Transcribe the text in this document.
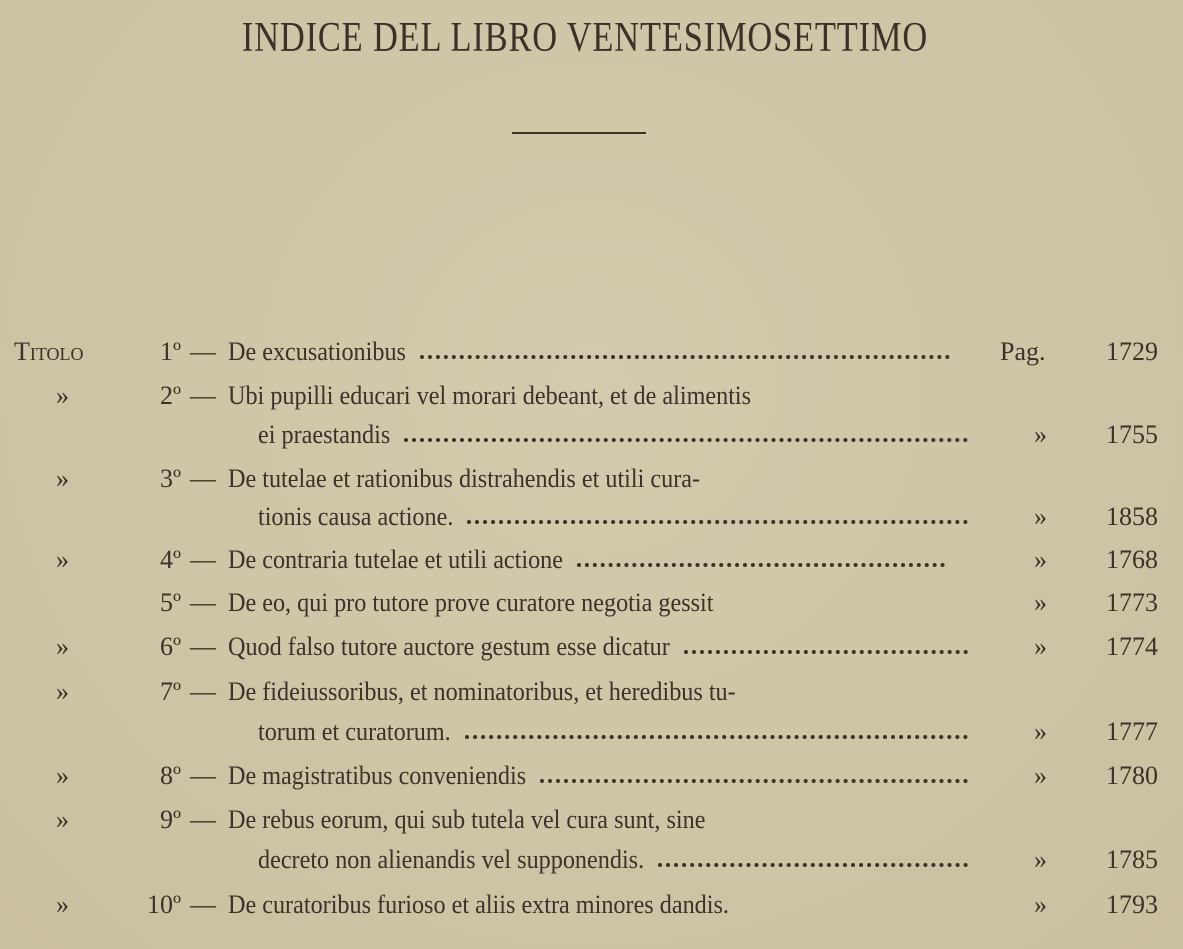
INDICE DEL LIBRO VENTESIMOSETTIMO
Titolo	1º — De excusationibus	Pag.	1729
»	2º — Ubi pupilli educari vel morari debeant, et de alimentis
ei praestandis	»	1755
»	3º — De tutelae et rationibus distrahendis et utili cura-
tionis causa actione.	»	1858
»	4º — De contraria tutelae et utili actione	»	1768
5º — De eo, qui pro tutore prove curatore negotia gessit	»	1773
»	6º — Quod falso tutore auctore gestum esse dicatur	»	1774
»	7º — De fideiussoribus, et nominatoribus, et heredibus tu-
torum et curatorum.	»	1777
»	8º — De magistratibus conveniendis	»	1780
»	9º — De rebus eorum, qui sub tutela vel cura sunt, sine
decreto non alienandis vel supponendis.	»	1785
»	10º — De curatoribus furioso et aliis extra minores dandis.	»	1793
